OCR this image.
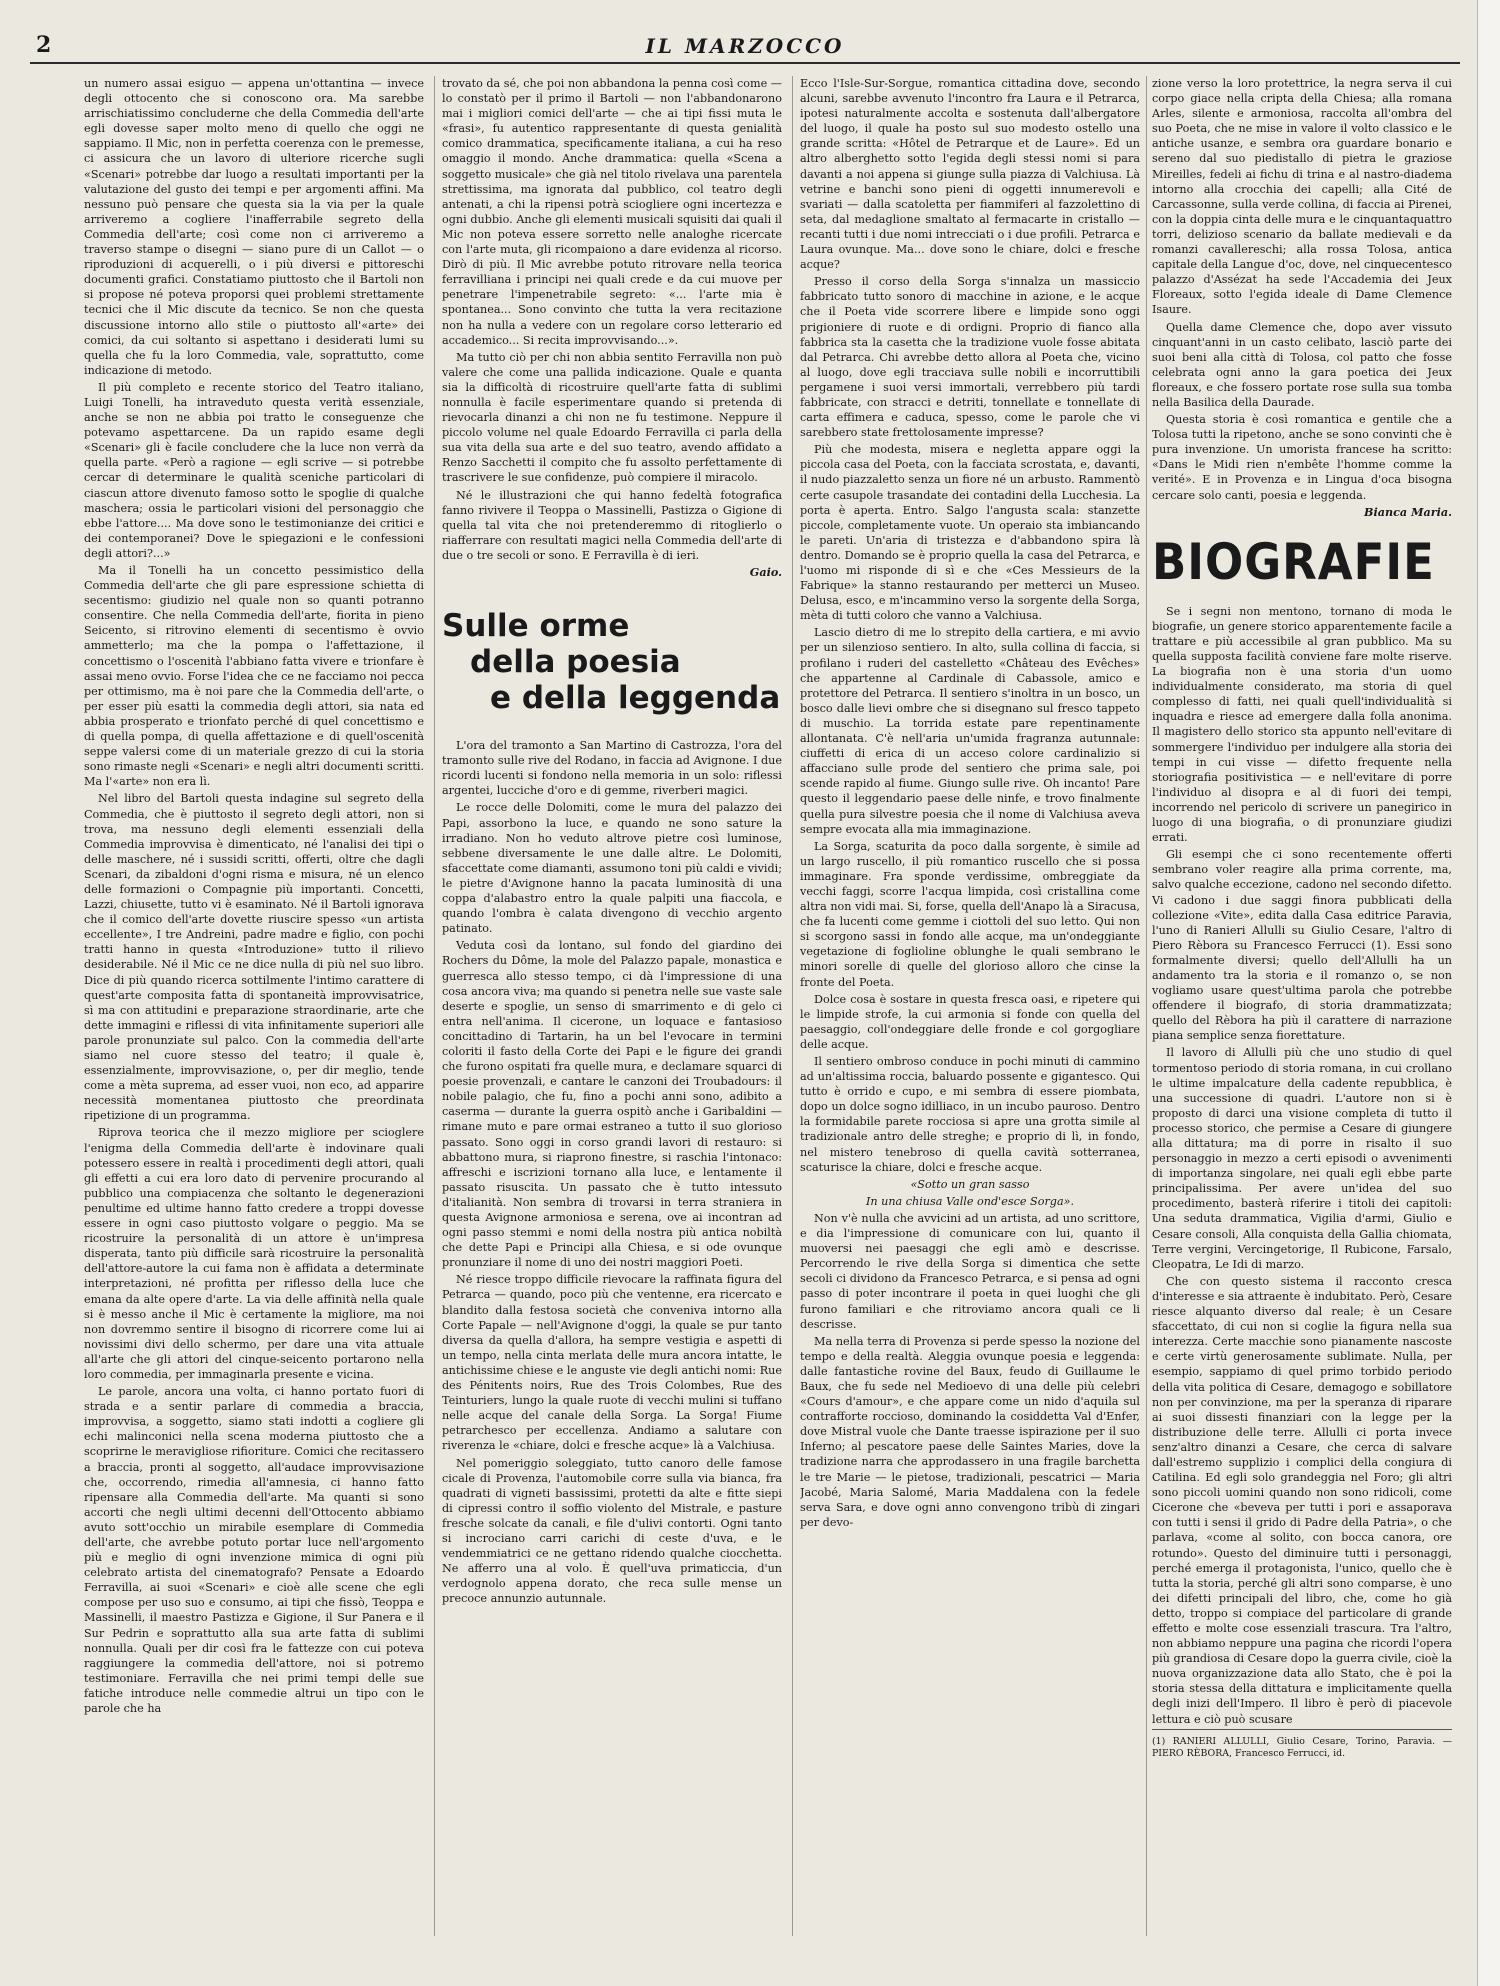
2	IL MARZOCCO

un numero assai esiguo — appena un'ottantina — invece degli ottocento che si conoscono ora. Ma sarebbe arrischiatissimo concluderne che della Commedia dell'arte egli dovesse saper molto meno di quello che oggi ne sappiamo. Il Mic, non in perfetta coerenza con le premesse, ci assicura che un lavoro di ulteriore ricerche sugli «Scenari» potrebbe dar luogo a resultati importanti per la valutazione del gusto dei tempi e per argomenti affini. Ma nessuno può pensare che questa sia la via per la quale arriveremo a cogliere l'inafferrabile segreto della Commedia dell'arte; così come non ci arriveremo a traverso stampe o disegni — siano pure di un Callot — o riproduzioni di acquerelli, o i più diversi e pittoreschi documenti grafici. Constatiamo piuttosto che il Bartoli non si propose né poteva proporsi quei problemi strettamente tecnici che il Mic discute da tecnico. Se non che questa discussione intorno allo stile o piuttosto all'«arte» dei comici, da cui soltanto si aspettano i desiderati lumi su quella che fu la loro Commedia, vale, soprattutto, come indicazione di metodo.

Il più completo e recente storico del Teatro italiano, Luigi Tonelli, ha intraveduto questa verità essenziale, anche se non ne abbia poi tratto le conseguenze che potevamo aspettarcene. Da un rapido esame degli «Scenari» gli è facile concludere che la luce non verrà da quella parte. «Però a ragione — egli scrive — si potrebbe cercar di determinare le qualità sceniche particolari di ciascun attore divenuto famoso sotto le spoglie di qualche maschera; ossia le particolari visioni del personaggio che ebbe l'attore.... Ma dove sono le testimonianze dei critici e dei contemporanei? Dove le spiegazioni e le confessioni degli attori?...»

Ma il Tonelli ha un concetto pessimistico della Commedia dell'arte che gli pare espressione schietta di secentismo: giudizio nel quale non so quanti potranno consentire. Che nella Commedia dell'arte, fiorita in pieno Seicento, si ritrovino elementi di secentismo è ovvio ammetterlo; ma che la pompa o l'affettazione, il concettismo o l'oscenità l'abbiano fatta vivere e trionfare è assai meno ovvio. Forse l'idea che ce ne facciamo noi pecca per ottimismo, ma è noi pare che la Commedia dell'arte, o per esser più esatti la commedia degli attori, sia nata ed abbia prosperato e trionfato perché di quel concettismo e di quella pompa, di quella affettazione e di quell'oscenità seppe valersi come di un materiale grezzo di cui la storia sono rimaste negli «Scenari» e negli altri documenti scritti. Ma l'«arte» non era lì.

Nel libro del Bartoli questa indagine sul segreto della Commedia, che è piuttosto il segreto degli attori, non si trova, ma nessuno degli elementi essenziali della Commedia improvvisa è dimenticato, né l'analisi dei tipi o delle maschere, né i sussidi scritti, offerti, oltre che dagli Scenari, da zibaldoni d'ogni risma e misura, né un elenco delle formazioni o Compagnie più importanti. Concetti, Lazzi, chiusette, tutto vi è esaminato. Né il Bartoli ignorava che il comico dell'arte dovette riuscire spesso «un artista eccellente», I tre Andreini, padre madre e figlio, con pochi tratti hanno in questa «Introduzione» tutto il rilievo desiderabile. Né il Mic ce ne dice nulla di più nel suo libro. Dice di più quando ricerca sottilmente l'intimo carattere di quest'arte composita fatta di spontaneità improvvisatrice, sì ma con attitudini e preparazione straordinarie, arte che dette immagini e riflessi di vita infinitamente superiori alle parole pronunziate sul palco. Con la commedia dell'arte siamo nel cuore stesso del teatro; il quale è, essenzialmente, improvvisazione, o, per dir meglio, tende come a mèta suprema, ad esser vuoi, non eco, ad apparire necessità momentanea piuttosto che preordinata ripetizione di un programma.

Riprova teorica che il mezzo migliore per scioglere l'enigma della Commedia dell'arte è indovinare quali potessero essere in realtà i procedimenti degli attori, quali gli effetti a cui era loro dato di pervenire procurando al pubblico una compiacenza che soltanto le degenerazioni penultime ed ultime hanno fatto credere a troppi dovesse essere in ogni caso piuttosto volgare o peggio. Ma se ricostruire la personalità di un attore è un'impresa disperata, tanto più difficile sarà ricostruire la personalità dell'attore-autore la cui fama non è affidata a determinate interpretazioni, né profitta per riflesso della luce che emana da alte opere d'arte. La via delle affinità nella quale si è messo anche il Mic è certamente la migliore, ma noi non dovremmo sentire il bisogno di ricorrere come lui ai novissimi divi dello schermo, per dare una vita attuale all'arte che gli attori del cinque-seicento portarono nella loro commedia, per immaginarla presente e vicina.

Le parole, ancora una volta, ci hanno portato fuori di strada e a sentir parlare di commedia a braccia, improvvisa, a soggetto, siamo stati indotti a cogliere gli echi malinconici nella scena moderna piuttosto che a scoprirne le meravigliose rifioriture. Comici che recitassero a braccia, pronti al soggetto, all'audace improvvisazione che, occorrendo, rimedia all'amnesia, ci hanno fatto ripensare alla Commedia dell'arte. Ma quanti si sono accorti che negli ultimi decenni dell'Ottocento abbiamo avuto sott'occhio un mirabile esemplare di Commedia dell'arte, che avrebbe potuto portar luce nell'argomento più e meglio di ogni invenzione mimica di ogni più celebrato artista del cinematografo? Pensate a Edoardo Ferravilla, ai suoi «Scenari» e cioè alle scene che egli compose per uso suo e consumo, ai tipi che fissò, Teoppa e Massinelli, il maestro Pastizza e Gigione, il Sur Panera e il Sur Pedrin e soprattutto alla sua arte fatta di sublimi nonnulla. Quali per dir così fra le fattezze con cui poteva raggiungere la commedia dell'attore, noi si potremo testimoniare. Ferravilla che nei primi tempi delle sue fatiche introduce nelle commedie altrui un tipo con le parole che ha

trovato da sé, che poi non abbandona la penna così come — lo constatò per il primo il Bartoli — non l'abbandonarono mai i migliori comici dell'arte — che ai tipi fissi muta le «frasi», fu autentico rappresentante di questa genialità comico drammatica, specificamente italiana, a cui ha reso omaggio il mondo. Anche drammatica: quella «Scena a soggetto musicale» che già nel titolo rivelava una parentela strettissima, ma ignorata dal pubblico, col teatro degli antenati, a chi la ripensi potrà sciogliere ogni incertezza e ogni dubbio. Anche gli elementi musicali squisiti dai quali il Mic non poteva essere sorretto nelle analoghe ricercate con l'arte muta, gli ricompaiono a dare evidenza al ricorso. Dirò di più. Il Mic avrebbe potuto ritrovare nella teorica ferravilliana i principi nei quali crede e da cui muove per penetrare l'impenetrabile segreto: «... l'arte mia è spontanea... Sono convinto che tutta la vera recitazione non ha nulla a vedere con un regolare corso letterario ed accademico... Si recita improvvisando...».

Ma tutto ciò per chi non abbia sentito Ferravilla non può valere che come una pallida indicazione. Quale e quanta sia la difficoltà di ricostruire quell'arte fatta di sublimi nonnulla è facile esperimentare quando si pretenda di rievocarla dinanzi a chi non ne fu testimone. Neppure il piccolo volume nel quale Edoardo Ferravilla ci parla della sua vita della sua arte e del suo teatro, avendo affidato a Renzo Sacchetti il compito che fu assolto perfettamente di trascrivere le sue confidenze, può compiere il miracolo.

Né le illustrazioni che qui hanno fedeltà fotografica fanno rivivere il Teoppa o Massinelli, Pastizza o Gigione di quella tal vita che noi pretenderemmo di ritoglierlo o riafferrare con resultati magici nella Commedia dell'arte di due o tre secoli or sono. E Ferravilla è di ieri.

Gaio.

Sulle orme
della poesia
e della leggenda

L'ora del tramonto a San Martino di Castrozza, l'ora del tramonto sulle rive del Rodano, in faccia ad Avignone. I due ricordi lucenti si fondono nella memoria in un solo: riflessi argentei, lucciche d'oro e di gemme, riverberi magici.

Le rocce delle Dolomiti, come le mura del palazzo dei Papi, assorbono la luce, e quando ne sono sature la irradiano. Non ho veduto altrove pietre così luminose, sebbene diversamente le une dalle altre. Le Dolomiti, sfaccettate come diamanti, assumono toni più caldi e vividi; le pietre d'Avignone hanno la pacata luminosità di una coppa d'alabastro entro la quale palpiti una fiaccola, e quando l'ombra è calata divengono di vecchio argento patinato.

Veduta così da lontano, sul fondo del giardino dei Rochers du Dôme, la mole del Palazzo papale, monastica e guerresca allo stesso tempo, ci dà l'impressione di una cosa ancora viva; ma quando si penetra nelle sue vaste sale deserte e spoglie, un senso di smarrimento e di gelo ci entra nell'anima. Il cicerone, un loquace e fantasioso concittadino di Tartarin, ha un bel l'evocare in termini coloriti il fasto della Corte dei Papi e le figure dei grandi che furono ospitati fra quelle mura, e declamare squarci di poesie provenzali, e cantare le canzoni dei Troubadours: il nobile palagio, che fu, fino a pochi anni sono, adibito a caserma — durante la guerra ospitò anche i Garibaldini — rimane muto e pare ormai estraneo a tutto il suo glorioso passato. Sono oggi in corso grandi lavori di restauro: si abbattono mura, si riaprono finestre, si raschia l'intonaco: affreschi e iscrizioni tornano alla luce, e lentamente il passato risuscita. Un passato che è tutto intessuto d'italianità. Non sembra di trovarsi in terra straniera in questa Avignone armoniosa e serena, ove ai incontran ad ogni passo stemmi e nomi della nostra più antica nobiltà che dette Papi e Principi alla Chiesa, e si ode ovunque pronunziare il nome di uno dei nostri maggiori Poeti.

Né riesce troppo difficile rievocare la raffinata figura del Petrarca — quando, poco più che ventenne, era ricercato e blandito dalla festosa società che conveniva intorno alla Corte Papale — nell'Avignone d'oggi, la quale se pur tanto diversa da quella d'allora, ha sempre vestigia e aspetti di un tempo, nella cinta merlata delle mura ancora intatte, le antichissime chiese e le anguste vie degli antichi nomi: Rue des Pénitents noirs, Rue des Trois Colombes, Rue des Teinturiers, lungo la quale ruote di vecchi mulini si tuffano nelle acque del canale della Sorga. La Sorga! Fiume petrarchesco per eccellenza. Andiamo a salutare con riverenza le «chiare, dolci e fresche acque» là a Valchiusa.

Nel pomeriggio soleggiato, tutto canoro delle famose cicale di Provenza, l'automobile corre sulla via bianca, fra quadrati di vigneti bassissimi, protetti da alte e fitte siepi di cipressi contro il soffio violento del Mistrale, e pasture fresche solcate da canali, e file d'ulivi contorti. Ogni tanto si incrociano carri carichi di ceste d'uva, e le vendemmiatrici ce ne gettano ridendo qualche ciocchetta. Ne afferro una al volo. È quell'uva primaticcia, d'un verdognolo appena dorato, che reca sulle mense un precoce annunzio autunnale.

Ecco l'Isle-Sur-Sorgue, romantica cittadina dove, secondo alcuni, sarebbe avvenuto l'incontro fra Laura e il Petrarca, ipotesi naturalmente accolta e sostenuta dall'albergatore del luogo, il quale ha posto sul suo modesto ostello una grande scritta: «Hôtel de Petrarque et de Laure». Ed un altro alberghetto sotto l'egida degli stessi nomi si para davanti a noi appena si giunge sulla piazza di Valchiusa. Là vetrine e banchi sono pieni di oggetti innumerevoli e svariati — dalla scatoletta per fiammiferi al fazzolettino di seta, dal medaglione smaltato al fermacarte in cristallo — recanti tutti i due nomi intrecciati o i due profili. Petrarca e Laura ovunque. Ma... dove sono le chiare, dolci e fresche acque?

Presso il corso della Sorga s'innalza un massiccio fabbricato tutto sonoro di macchine in azione, e le acque che il Poeta vide scorrere libere e limpide sono oggi prigioniere di ruote e di ordigni. Proprio di fianco alla fabbrica sta la casetta che la tradizione vuole fosse abitata dal Petrarca. Chi avrebbe detto allora al Poeta che, vicino al luogo, dove egli tracciava sulle nobili e incorruttibili pergamene i suoi versi immortali, verrebbero più tardi fabbricate, con stracci e detriti, tonnellate e tonnellate di carta effimera e caduca, spesso, come le parole che vi sarebbero state frettolosamente impresse?

Più che modesta, misera e negletta appare oggi la piccola casa del Poeta, con la facciata scrostata, e, davanti, il nudo piazzaletto senza un fiore né un arbusto. Rammentò certe casupole trasandate dei contadini della Lucchesia. La porta è aperta. Entro. Salgo l'angusta scala: stanzette piccole, completamente vuote. Un operaio sta imbiancando le pareti. Un'aria di tristezza e d'abbandono spira là dentro. Domando se è proprio quella la casa del Petrarca, e l'uomo mi risponde di sì e che «Ces Messieurs de la Fabrique» la stanno restaurando per metterci un Museo. Delusa, esco, e m'incammino verso la sorgente della Sorga, mèta di tutti coloro che vanno a Valchiusa.

Lascio dietro di me lo strepito della cartiera, e mi avvio per un silenzioso sentiero. In alto, sulla collina di faccia, si profilano i ruderi del castelletto «Château des Evêches» che appartenne al Cardinale di Cabassole, amico e protettore del Petrarca. Il sentiero s'inoltra in un bosco, un bosco dalle lievi ombre che si disegnano sul fresco tappeto di muschio. La torrida estate pare repentinamente allontanata. C'è nell'aria un'umida fragranza autunnale: ciuffetti di erica di un acceso colore cardinalizio si affacciano sulle prode del sentiero che prima sale, poi scende rapido al fiume. Giungo sulle rive. Oh incanto! Pare questo il leggendario paese delle ninfe, e trovo finalmente quella pura silvestre poesia che il nome di Valchiusa aveva sempre evocata alla mia immaginazione.

La Sorga, scaturita da poco dalla sorgente, è simile ad un largo ruscello, il più romantico ruscello che si possa immaginare. Fra sponde verdissime, ombreggiate da vecchi faggi, scorre l'acqua limpida, così cristallina come altra non vidi mai. Si, forse, quella dell'Anapo là a Siracusa, che fa lucenti come gemme i ciottoli del suo letto. Qui non si scorgono sassi in fondo alle acque, ma un'ondeggiante vegetazione di foglioline oblunghe le quali sembrano le minori sorelle di quelle del glorioso alloro che cinse la fronte del Poeta.

Dolce cosa è sostare in questa fresca oasi, e ripetere qui le limpide strofe, la cui armonia si fonde con quella del paesaggio, coll'ondeggiare delle fronde e col gorgogliare delle acque.

Il sentiero ombroso conduce in pochi minuti di cammino ad un'altissima roccia, baluardo possente e gigantesco. Qui tutto è orrido e cupo, e mi sembra di essere piombata, dopo un dolce sogno idilliaco, in un incubo pauroso. Dentro la formidabile parete rocciosa si apre una grotta simile al tradizionale antro delle streghe; e proprio di lì, in fondo, nel mistero tenebroso di quella cavità sotterranea, scaturisce la chiare, dolci e fresche acque.

«Sotto un gran sasso

In una chiusa Valle ond'esce Sorga».

Non v'è nulla che avvicini ad un artista, ad uno scrittore, e dia l'impressione di comunicare con lui, quanto il muoversi nei paesaggi che egli amò e descrisse. Percorrendo le rive della Sorga si dimentica che sette secoli ci dividono da Francesco Petrarca, e si pensa ad ogni passo di poter incontrare il poeta in quei luoghi che gli furono familiari e che ritroviamo ancora quali ce li descrisse.

Ma nella terra di Provenza si perde spesso la nozione del tempo e della realtà. Aleggia ovunque poesia e leggenda: dalle fantastiche rovine del Baux, feudo di Guillaume le Baux, che fu sede nel Medioevo di una delle più celebri «Cours d'amour», e che appare come un nido d'aquila sul contrafforte roccioso, dominando la cosiddetta Val d'Enfer, dove Mistral vuole che Dante traesse ispirazione per il suo Inferno; al pescatore paese delle Saintes Maries, dove la tradizione narra che approdassero in una fragile barchetta le tre Marie — le pietose, tradizionali, pescatrici — Maria Jacobé, Maria Salomé, Maria Maddalena con la fedele serva Sara, e dove ogni anno convengono tribù di zingari per devo-

zione verso la loro protettrice, la negra serva il cui corpo giace nella cripta della Chiesa; alla romana Arles, silente e armoniosa, raccolta all'ombra del suo Poeta, che ne mise in valore il volto classico e le antiche usanze, e sembra ora guardare bonario e sereno dal suo piedistallo di pietra le graziose Mireilles, fedeli ai fichu di trina e al nastro-diadema intorno alla crocchia dei capelli; alla Cité de Carcassonne, sulla verde collina, di faccia ai Pirenei, con la doppia cinta delle mura e le cinquantaquattro torri, delizioso scenario da ballate medievali e da romanzi cavallereschi; alla rossa Tolosa, antica capitale della Langue d'oc, dove, nel cinquecentesco palazzo d'Assézat ha sede l'Accademia dei Jeux Floreaux, sotto l'egida ideale di Dame Clemence Isaure.

Quella dame Clemence che, dopo aver vissuto cinquant'anni in un casto celibato, lasciò parte dei suoi beni alla città di Tolosa, col patto che fosse celebrata ogni anno la gara poetica dei Jeux floreaux, e che fossero portate rose sulla sua tomba nella Basilica della Daurade.

Questa storia è così romantica e gentile che a Tolosa tutti la ripetono, anche se sono convinti che è pura invenzione. Un umorista francese ha scritto: «Dans le Midi rien n'embête l'homme comme la verité». E in Provenza e in Lingua d'oca bisogna cercare solo canti, poesia e leggenda.

Bianca Maria.

BIOGRAFIE

Se i segni non mentono, tornano di moda le biografie, un genere storico apparentemente facile a trattare e più accessibile al gran pubblico. Ma su quella supposta facilità conviene fare molte riserve. La biografia non è una storia d'un uomo individualmente considerato, ma storia di quel complesso di fatti, nei quali quell'individualità si inquadra e riesce ad emergere dalla folla anonima. Il magistero dello storico sta appunto nell'evitare di sommergere l'individuo per indulgere alla storia dei tempi in cui visse — difetto frequente nella storiografia positivistica — e nell'evitare di porre l'individuo al disopra e al di fuori dei tempi, incorrendo nel pericolo di scrivere un panegirico in luogo di una biografia, o di pronunziare giudizi errati.

Gli esempi che ci sono recentemente offerti sembrano voler reagire alla prima corrente, ma, salvo qualche eccezione, cadono nel secondo difetto. Vi cadono i due saggi finora pubblicati della collezione «Vite», edita dalla Casa editrice Paravia, l'uno di Ranieri Allulli su Giulio Cesare, l'altro di Piero Rèbora su Francesco Ferrucci (1). Essi sono formalmente diversi; quello dell'Allulli ha un andamento tra la storia e il romanzo o, se non vogliamo usare quest'ultima parola che potrebbe offendere il biografo, di storia drammatizzata; quello del Rèbora ha più il carattere di narrazione piana semplice senza fiorettature.

Il lavoro di Allulli più che uno studio di quel tormentoso periodo di storia romana, in cui crollano le ultime impalcature della cadente repubblica, è una successione di quadri. L'autore non si è proposto di darci una visione completa di tutto il processo storico, che permise a Cesare di giungere alla dittatura; ma di porre in risalto il suo personaggio in mezzo a certi episodi o avvenimenti di importanza singolare, nei quali egli ebbe parte principalissima. Per avere un'idea del suo procedimento, basterà riferire i titoli dei capitoli: Una seduta drammatica, Vigilia d'armi, Giulio e Cesare consoli, Alla conquista della Gallia chiomata, Terre vergini, Vercingetorige, Il Rubicone, Farsalo, Cleopatra, Le Idi di marzo.

Che con questo sistema il racconto cresca d'interesse e sia attraente è indubitato. Però, Cesare riesce alquanto diverso dal reale; è un Cesare sfaccettato, di cui non si coglie la figura nella sua interezza. Certe macchie sono pianamente nascoste e certe virtù generosamente sublimate. Nulla, per esempio, sappiamo di quel primo torbido periodo della vita politica di Cesare, demagogo e sobillatore non per convinzione, ma per la speranza di riparare ai suoi dissesti finanziari con la legge per la distribuzione delle terre. Allulli ci porta invece senz'altro dinanzi a Cesare, che cerca di salvare dall'estremo supplizio i complici della congiura di Catilina. Ed egli solo grandeggia nel Foro; gli altri sono piccoli uomini quando non sono ridicoli, come Cicerone che «beveva per tutti i pori e assaporava con tutti i sensi il grido di Padre della Patria», o che parlava, «come al solito, con bocca canora, ore rotundo». Questo del diminuire tutti i personaggi, perché emerga il protagonista, l'unico, quello che è tutta la storia, perché gli altri sono comparse, è uno dei difetti principali del libro, che, come ho già detto, troppo si compiace del particolare di grande effetto e molte cose essenziali trascura. Tra l'altro, non abbiamo neppure una pagina che ricordi l'opera più grandiosa di Cesare dopo la guerra civile, cioè la nuova organizzazione data allo Stato, che è poi la storia stessa della dittatura e implicitamente quella degli inizi dell'Impero. Il libro è però di piacevole lettura e ciò può scusare

(1) RANIERI ALLULLI, Giulio Cesare, Torino, Paravia. — PIERO RÈBORA, Francesco Ferrucci, id.
